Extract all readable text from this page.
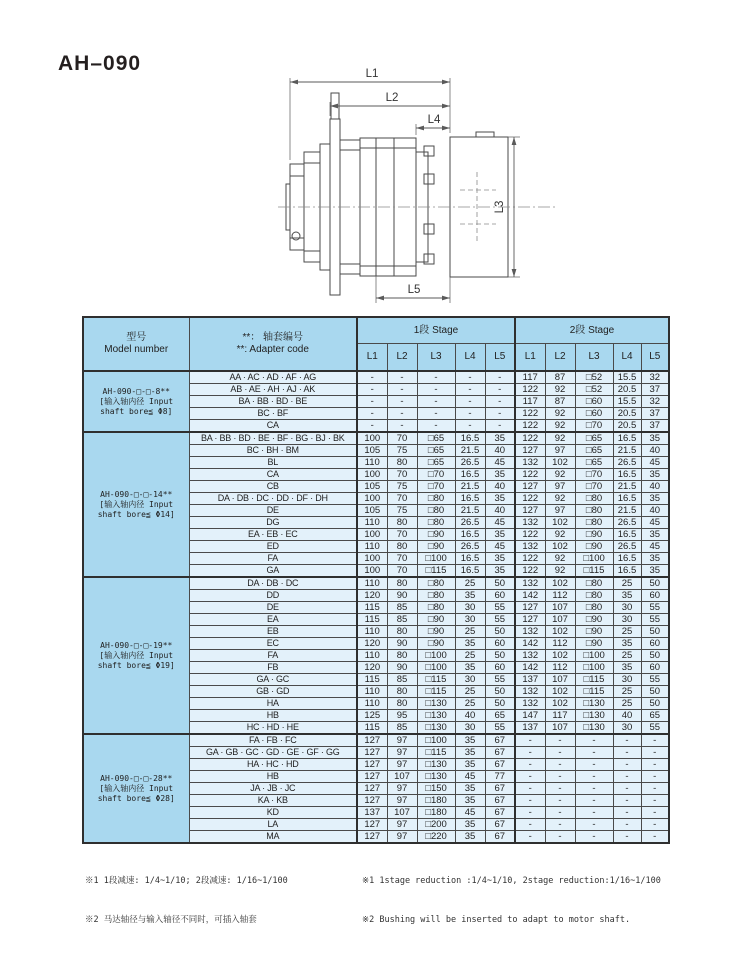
AH–090	L1
L2
L4
L3
L5
型号
Model number	**： 轴套编号
**: Adapter code	1段 Stage					2段 Stage				
		L1	L2	L3	L4	L5	L1	L2	L3	L4	L5

AH-090-□-□-8**
[输入轴内径 Input
shaft bore≦ Φ8]	AA · AC · AD · AF · AG	-	-	-	-	-	117	87	□52	15.5	32
	AB · AE · AH · AJ · AK	-	-	-	-	-	122	92	□52	20.5	37
	BA · BB · BD · BE	-	-	-	-	-	117	87	□60	15.5	32
	BC · BF	-	-	-	-	-	122	92	□60	20.5	37
	CA	-	-	-	-	-	122	92	□70	20.5	37

AH-090-□-□-14**
[输入轴内径 Input
shaft bore≦ Φ14]	BA · BB · BD · BE · BF · BG · BJ · BK	100	70	□65	16.5	35	122	92	□65	16.5	35
	BC · BH · BM	105	75	□65	21.5	40	127	97	□65	21.5	40
	BL	110	80	□65	26.5	45	132	102	□65	26.5	45
	CA	100	70	□70	16.5	35	122	92	□70	16.5	35
	CB	105	75	□70	21.5	40	127	97	□70	21.5	40
	DA · DB · DC · DD · DF · DH	100	70	□80	16.5	35	122	92	□80	16.5	35
	DE	105	75	□80	21.5	40	127	97	□80	21.5	40
	DG	110	80	□80	26.5	45	132	102	□80	26.5	45
	EA · EB · EC	100	70	□90	16.5	35	122	92	□90	16.5	35
	ED	110	80	□90	26.5	45	132	102	□90	26.5	45
	FA	100	70	□100	16.5	35	122	92	□100	16.5	35
	GA	100	70	□115	16.5	35	122	92	□115	16.5	35

AH-090-□-□-19**
[输入轴内径 Input
shaft bore≦ Φ19]	DA · DB · DC	110	80	□80	25	50	132	102	□80	25	50
	DD	120	90	□80	35	60	142	112	□80	35	60
	DE	115	85	□80	30	55	127	107	□80	30	55
	EA	115	85	□90	30	55	127	107	□90	30	55
	EB	110	80	□90	25	50	132	102	□90	25	50
	EC	120	90	□90	35	60	142	112	□90	35	60
	FA	110	80	□100	25	50	132	102	□100	25	50
	FB	120	90	□100	35	60	142	112	□100	35	60
	GA · GC	115	85	□115	30	55	137	107	□115	30	55
	GB · GD	110	80	□115	25	50	132	102	□115	25	50
	HA	110	80	□130	25	50	132	102	□130	25	50
	HB	125	95	□130	40	65	147	117	□130	40	65
	HC · HD · HE	115	85	□130	30	55	137	107	□130	30	55

AH-090-□-□-28**
[输入轴内径 Input
shaft bore≦ Φ28]	FA · FB · FC	127	97	□100	35	67	-	-	-	-	-
	GA · GB · GC · GD · GE · GF · GG	127	97	□115	35	67	-	-	-	-	-
	HA · HC · HD	127	97	□130	35	67	-	-	-	-	-
	HB	127	107	□130	45	77	-	-	-	-	-
	JA · JB · JC	127	97	□150	35	67	-	-	-	-	-
	KA · KB	127	97	□180	35	67	-	-	-	-	-
	KD	137	107	□180	45	67	-	-	-	-	-
	LA	127	97	□200	35	67	-	-	-	-	-
	MA	127	97	□220	35	67	-	-	-	-	-

※1 1段减速: 1/4~1/10; 2段减速: 1/16~1/100

※2 马达轴径与输入轴径不同时，可插入轴套

※1 1stage reduction :1/4~1/10, 2stage reduction:1/16~1/100

※2 Bushing will be inserted to adapt to motor shaft.
